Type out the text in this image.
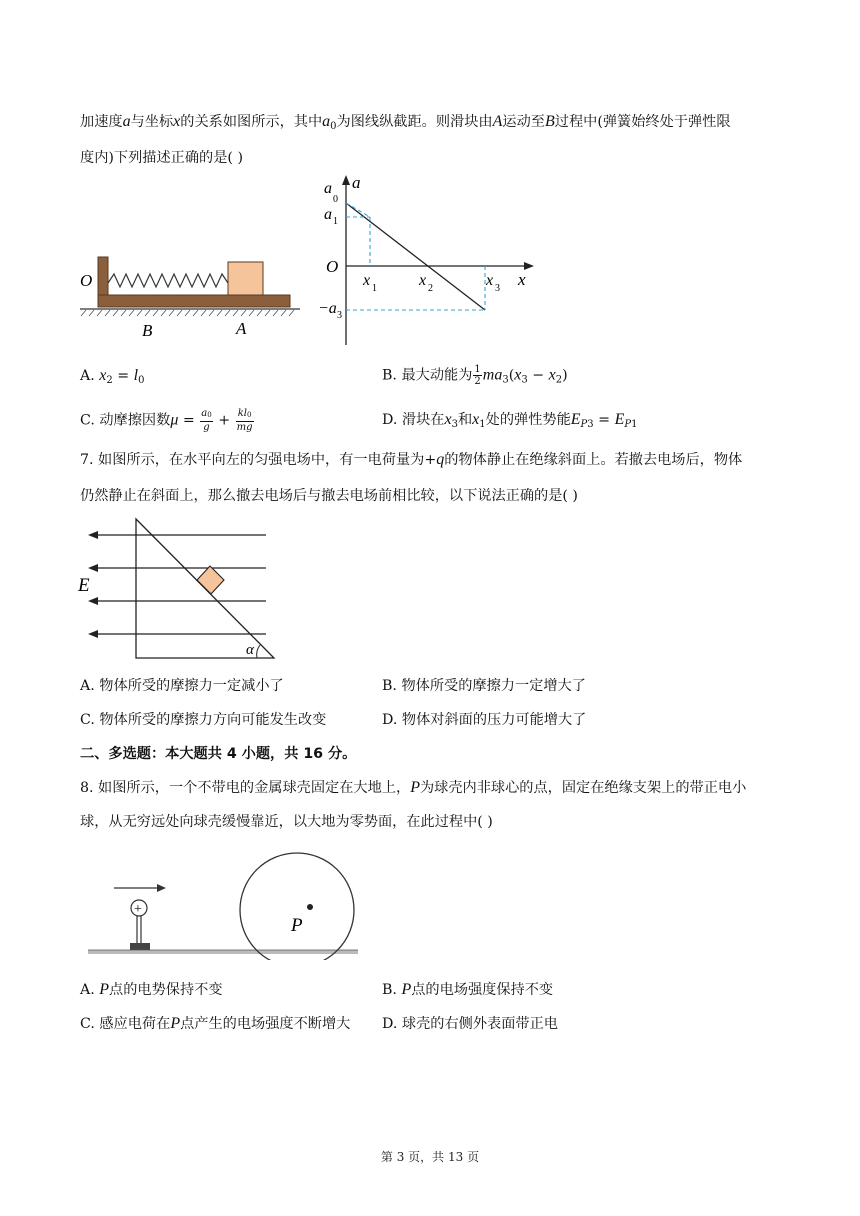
加速度a与坐标x的关系如图所示，其中$a_0$为图线纵截距。则滑块由A运动至B过程中(弹簧始终处于弹性限
度内)下列描述正确的是( )
O
B	A
a
a
0
a 1
O
x 1	x 2	x 3 x
−a 3
A. $x_2 = l_0$	B. 最大动能为 $\frac{1}{2} ma_3(x_3 - x_2)$
C. 动摩擦因数$\mu = \frac{a_0}{g} + \frac{kl_0}{mg}$	D. 滑块在$x_3$和$x_1$处的弹性势能$E_{P3} = E_{P1}$
7. 如图所示，在水平向左的匀强电场中，有一电荷量为+q的物体静止在绝缘斜面上。若撤去电场后，物体
仍然静止在斜面上，那么撤去电场后与撤去电场前相比较，以下说法正确的是( )
E
α
A. 物体所受的摩擦力一定减小了	B. 物体所受的摩擦力一定增大了
C. 物体所受的摩擦力方向可能发生改变	D. 物体对斜面的压力可能增大了
二、多选题：本大题共 4 小题，共 16 分。
8. 如图所示，一个不带电的金属球壳固定在大地上，P为球壳内非球心的点，固定在绝缘支架上的带正电小
球，从无穷远处向球壳缓慢靠近，以大地为零势面，在此过程中( )
+
P
A. P点的电势保持不变	B. P点的电场强度保持不变
C. 感应电荷在P点产生的电场强度不断增大 D. 球壳的右侧外表面带正电
第 3 页，共 13 页
